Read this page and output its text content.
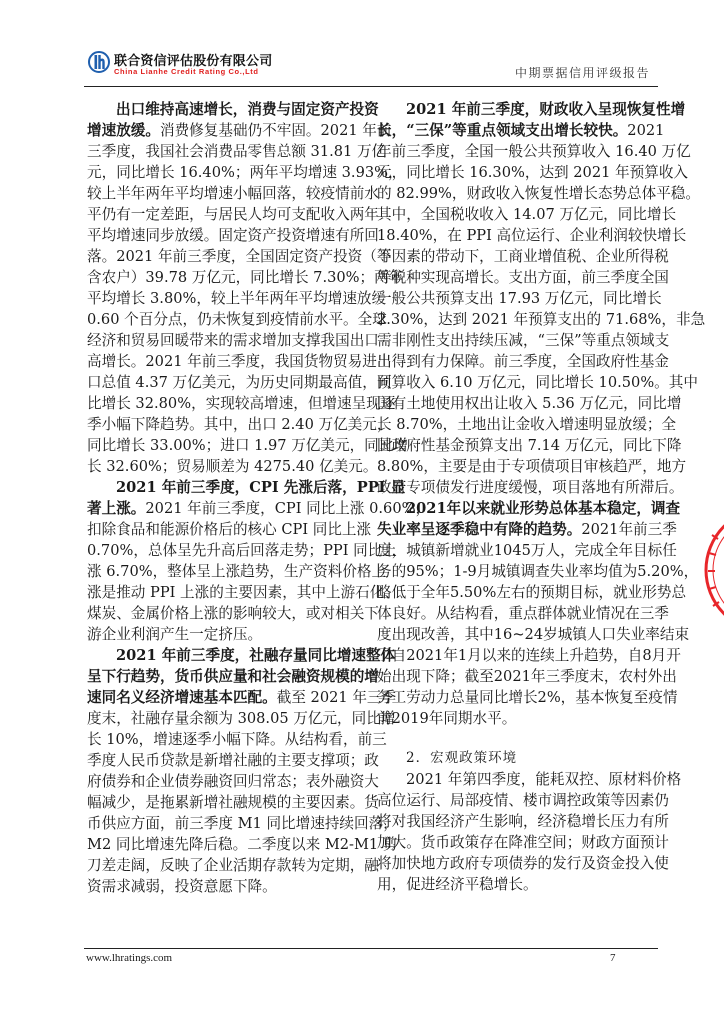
联合资信评估股份有限公司
China Lianhe Credit Rating Co.,Ltd	中期票据信用评级报告
出口维持高速增长，消费与固定资产投资
增速放缓。消费修复基础仍不牢固。2021 年前
三季度，我国社会消费品零售总额 31.81 万亿
元，同比增长 16.40%；两年平均增速 3.93%，
较上半年两年平均增速小幅回落，较疫情前水
平仍有一定差距，与居民人均可支配收入两年
平均增速同步放缓。固定资产投资增速有所回
落。2021 年前三季度，全国固定资产投资（不
含农户）39.78 万亿元，同比增长 7.30%；两年
平均增长 3.80%，较上半年两年平均增速放缓
0.60 个百分点，仍未恢复到疫情前水平。全球
经济和贸易回暖带来的需求增加支撑我国出口
高增长。2021 年前三季度，我国货物贸易进出
口总值 4.37 万亿美元，为历史同期最高值，同
比增长 32.80%，实现较高增速，但增速呈现逐
季小幅下降趋势。其中，出口 2.40 万亿美元，
同比增长 33.00%；进口 1.97 万亿美元，同比增
长 32.60%；贸易顺差为 4275.40 亿美元。
2021 年前三季度，CPI 先涨后落，PPI 显
著上涨。2021 年前三季度，CPI 同比上涨 0.60%，
扣除食品和能源价格后的核心 CPI 同比上涨
0.70%，总体呈先升高后回落走势；PPI 同比上
涨 6.70%，整体呈上涨趋势，生产资料价格上
涨是推动 PPI 上涨的主要因素，其中上游石化、
煤炭、金属价格上涨的影响较大，或对相关下
游企业利润产生一定挤压。
2021 年前三季度，社融存量同比增速整体
呈下行趋势，货币供应量和社会融资规模的增
速同名义经济增速基本匹配。截至 2021 年三季
度末，社融存量余额为 308.05 万亿元，同比增
长 10%，增速逐季小幅下降。从结构看，前三
季度人民币贷款是新增社融的主要支撑项；政
府债券和企业债券融资回归常态；表外融资大
幅减少，是拖累新增社融规模的主要因素。货
币供应方面，前三季度 M1 同比增速持续回落，
M2 同比增速先降后稳。二季度以来 M2-M1 剪
刀差走阔，反映了企业活期存款转为定期，融
资需求减弱，投资意愿下降。
2021 年前三季度，财政收入呈现恢复性增
长，“三保”等重点领域支出增长较快。2021
年前三季度，全国一般公共预算收入 16.40 万亿
元，同比增长 16.30%，达到 2021 年预算收入
的 82.99%，财政收入恢复性增长态势总体平稳。
其中，全国税收收入 14.07 万亿元，同比增长
18.40%，在 PPI 高位运行、企业利润较快增长
等因素的带动下，工商业增值税、企业所得税
等税种实现高增长。支出方面，前三季度全国
一般公共预算支出 17.93 万亿元，同比增长
2.30%，达到 2021 年预算支出的 71.68%，非急
需非刚性支出持续压减，“三保”等重点领域支
出得到有力保障。前三季度，全国政府性基金
预算收入 6.10 万亿元，同比增长 10.50%。其中
国有土地使用权出让收入 5.36 万亿元，同比增
长 8.70%，土地出让金收入增速明显放缓；全
国政府性基金预算支出 7.14 万亿元，同比下降
8.80%，主要是由于专项债项目审核趋严，地方
政府专项债发行进度缓慢，项目落地有所滞后。
2021年以来就业形势总体基本稳定，调查
失业率呈逐季稳中有降的趋势。2021年前三季
度，城镇新增就业1045万人，完成全年目标任
务的95%；1-9月城镇调查失业率均值为5.20%，
略低于全年5.50%左右的预期目标，就业形势总
体良好。从结构看，重点群体就业情况在三季
度出现改善，其中16~24岁城镇人口失业率结束
了自2021年1月以来的连续上升趋势，自8月开
始出现下降；截至2021年三季度末，农村外出
务工劳动力总量同比增长2%，基本恢复至疫情
前2019年同期水平。
2．宏观政策环境
2021 年第四季度，能耗双控、原材料价格
高位运行、局部疫情、楼市调控政策等因素仍
将对我国经济产生影响，经济稳增长压力有所
加大。货币政策存在降准空间；财政方面预计
将加快地方政府专项债券的发行及资金投入使
用，促进经济平稳增长。
www.lhratings.com	7
